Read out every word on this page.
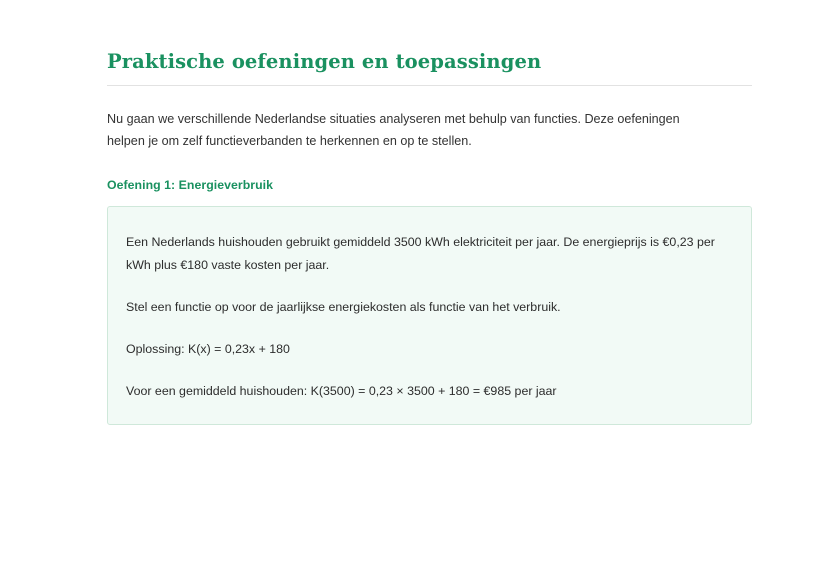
Praktische oefeningen en toepassingen

Nu gaan we verschillende Nederlandse situaties analyseren met behulp van functies. Deze oefeningen helpen je om zelf functieverbanden te herkennen en op te stellen.

Oefening 1: Energieverbruik

Een Nederlands huishouden gebruikt gemiddeld 3500 kWh elektriciteit per jaar. De energieprijs is €0,23 per kWh plus €180 vaste kosten per jaar.

Stel een functie op voor de jaarlijkse energiekosten als functie van het verbruik.

Oplossing: K(x) = 0,23x + 180

Voor een gemiddeld huishouden: K(3500) = 0,23 × 3500 + 180 = €985 per jaar
